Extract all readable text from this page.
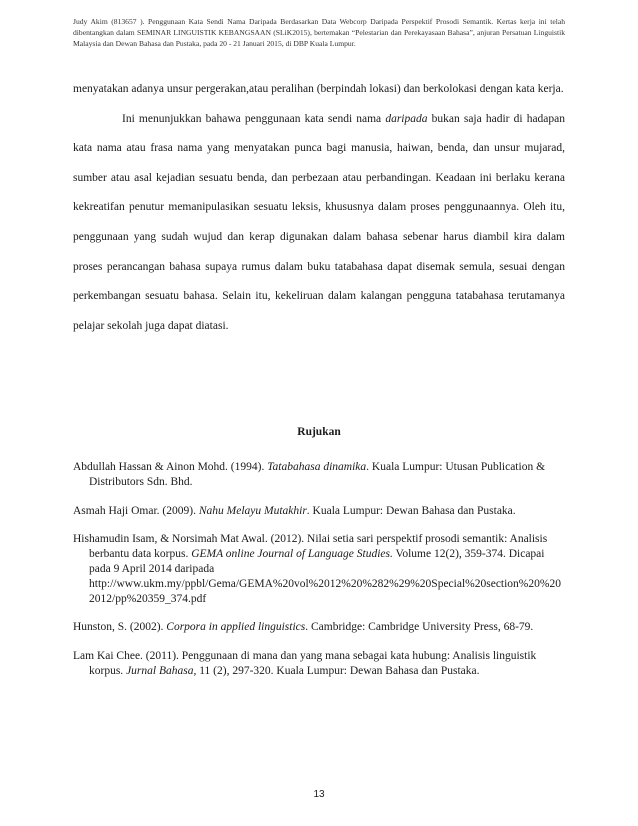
Judy Akim (813657 ). Penggunaan Kata Sendi Nama Daripada Berdasarkan Data Webcorp Daripada Perspektif Prosodi Semantik. Kertas kerja ini telah dibentangkan dalam SEMINAR LINGUISTIK KEBANGSAAN (SLiK2015), bertemakan “Pelestarian dan Perekayasaan Bahasa”, anjuran Persatuan Linguistik Malaysia dan Dewan Bahasa dan Pustaka, pada 20 - 21 Januari 2015, di DBP Kuala Lumpur.

menyatakan adanya unsur pergerakan,atau peralihan (berpindah lokasi) dan berkolokasi dengan kata kerja.

Ini menunjukkan bahawa penggunaan kata sendi nama daripada bukan saja hadir di hadapan kata nama atau frasa nama yang menyatakan punca bagi manusia, haiwan, benda, dan unsur mujarad, sumber atau asal kejadian sesuatu benda, dan perbezaan atau perbandingan. Keadaan ini berlaku kerana kekreatifan penutur memanipulasikan sesuatu leksis, khususnya dalam proses penggunaannya. Oleh itu, penggunaan yang sudah wujud dan kerap digunakan dalam bahasa sebenar harus diambil kira dalam proses perancangan bahasa supaya rumus dalam buku tatabahasa dapat disemak semula, sesuai dengan perkembangan sesuatu bahasa. Selain itu, kekeliruan dalam kalangan pengguna tatabahasa terutamanya pelajar sekolah juga dapat diatasi.

Rujukan

Abdullah Hassan & Ainon Mohd. (1994). Tatabahasa dinamika. Kuala Lumpur: Utusan Publication & Distributors Sdn. Bhd.

Asmah Haji Omar. (2009). Nahu Melayu Mutakhir. Kuala Lumpur: Dewan Bahasa dan Pustaka.

Hishamudin Isam, & Norsimah Mat Awal. (2012). Nilai setia sari perspektif prosodi semantik: Analisis berbantu data korpus. GEMA online Journal of Language Studies. Volume 12(2), 359-374. Dicapai pada 9 April 2014 daripada
http://www.ukm.my/ppbl/Gema/GEMA%20vol%2012%20%282%29%20Special%20section%20%202012/pp%20359_374.pdf

Hunston, S. (2002). Corpora in applied linguistics. Cambridge: Cambridge University Press, 68-79.

Lam Kai Chee. (2011). Penggunaan di mana dan yang mana sebagai kata hubung: Analisis linguistik korpus. Jurnal Bahasa, 11 (2), 297-320. Kuala Lumpur: Dewan Bahasa dan Pustaka.

13
